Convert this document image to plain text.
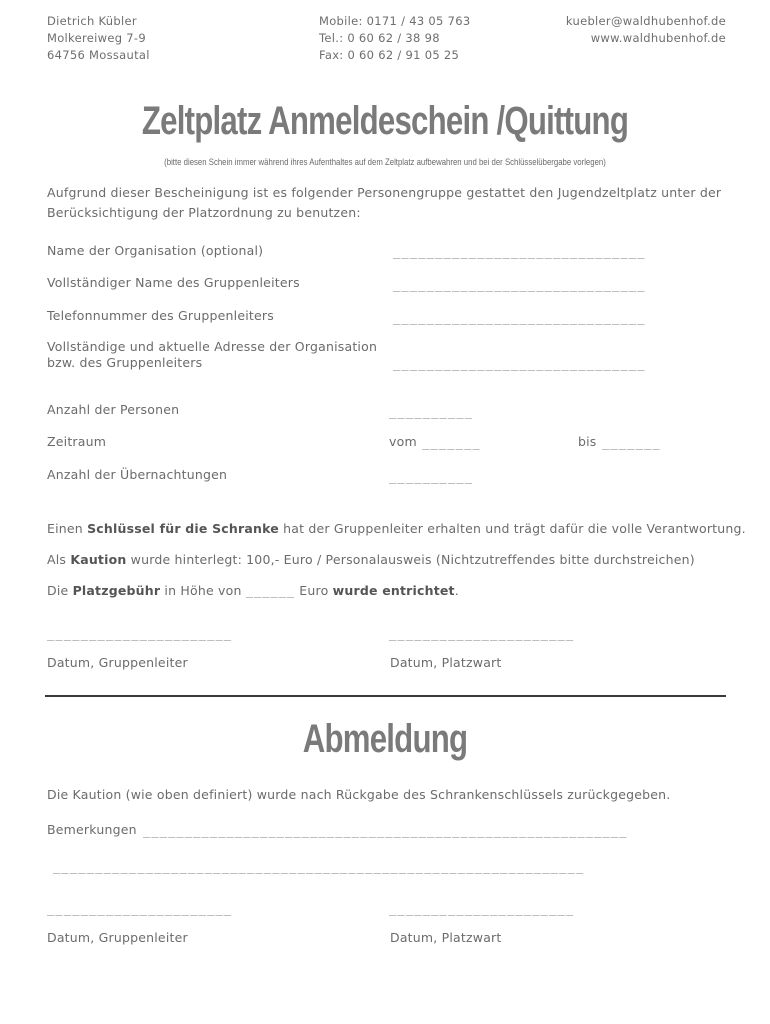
Dietrich Kübler
Molkereiweg 7-9
64756 Mossautal
Mobile: 0171 / 43 05 763
Tel.: 0 60 62 / 38 98
Fax: 0 60 62 / 91 05 25
kuebler@waldhubenhof.de
www.waldhubenhof.de
Zeltplatz Anmeldeschein /Quittung
(bitte diesen Schein immer während ihres Aufenthaltes auf dem Zeltplatz aufbewahren und bei der Schlüsselübergabe vorlegen)
Aufgrund dieser Bescheinigung ist es folgender Personengruppe gestattet den Jugendzeltplatz unter der Berücksichtigung der Platzordnung zu benutzen:
Name der Organisation (optional)	______________________________
Vollständiger Name des Gruppenleiters	______________________________
Telefonnummer des Gruppenleiters	______________________________
Vollständige und aktuelle Adresse der Organisation
bzw. des Gruppenleiters	______________________________
Anzahl der Personen	__________
Zeitraum	vom _______	bis _______
Anzahl der Übernachtungen	__________
Einen Schlüssel für die Schranke hat der Gruppenleiter erhalten und trägt dafür die volle Verantwortung.
Als Kaution wurde hinterlegt: 100,- Euro / Personalausweis (Nichtzutreffendes bitte durchstreichen)
Die Platzgebühr in Höhe von ______ Euro wurde entrichtet.
______________________	______________________
Datum, Gruppenleiter	Datum, Platzwart
Abmeldung
Die Kaution (wie oben definiert) wurde nach Rückgabe des Schrankenschlüssels zurückgegeben.
Bemerkungen __________________________________________________________
_______________________________________________________________
______________________	______________________
Datum, Gruppenleiter	Datum, Platzwart
